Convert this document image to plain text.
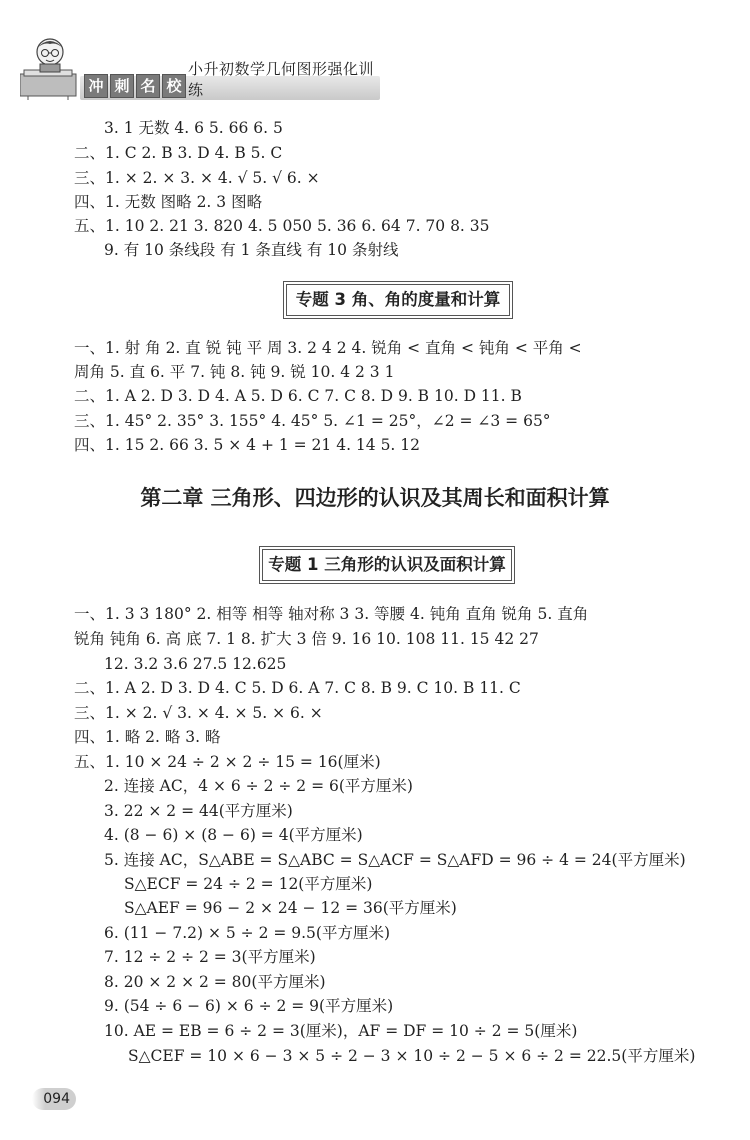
冲 刺 名 校
小升初数学几何图形强化训练
3. 1 无数 4. 6 5. 66 6. 5
二、1. C 2. B 3. D 4. B 5. C
三、1. × 2. × 3. × 4. √ 5. √ 6. ×
四、1. 无数 图略 2. 3 图略
五、1. 10 2. 21 3. 820 4. 5 050 5. 36 6. 64 7. 70 8. 35
9. 有 10 条线段 有 1 条直线 有 10 条射线
专题 3 角、角的度量和计算
一、1. 射 角 2. 直 锐 钝 平 周 3. 2 4 2 4. 锐角 < 直角 < 钝角 < 平角 <
周角 5. 直 6. 平 7. 钝 8. 钝 9. 锐 10. 4 2 3 1
二、1. A 2. D 3. D 4. A 5. D 6. C 7. C 8. D 9. B 10. D 11. B
三、1. 45° 2. 35° 3. 155° 4. 45° 5. ∠1 = 25°，∠2 = ∠3 = 65°
四、1. 15 2. 66 3. 5 × 4 + 1 = 21 4. 14 5. 12
第二章 三角形、四边形的认识及其周长和面积计算
专题 1 三角形的认识及面积计算
一、1. 3 3 180° 2. 相等 相等 轴对称 3 3. 等腰 4. 钝角 直角 锐角 5. 直角
锐角 钝角 6. 高 底 7. 1 8. 扩大 3 倍 9. 16 10. 108 11. 15 42 27
12. 3.2 3.6 27.5 12.625
二、1. A 2. D 3. D 4. C 5. D 6. A 7. C 8. B 9. C 10. B 11. C
三、1. × 2. √ 3. × 4. × 5. × 6. ×
四、1. 略 2. 略 3. 略
五、1. 10 × 24 ÷ 2 × 2 ÷ 15 = 16(厘米)
2. 连接 AC，4 × 6 ÷ 2 ÷ 2 = 6(平方厘米)
3. 22 × 2 = 44(平方厘米)
4. (8 − 6) × (8 − 6) = 4(平方厘米)
5. 连接 AC，S△ABE = S△ABC = S△ACF = S△AFD = 96 ÷ 4 = 24(平方厘米)
S△ECF = 24 ÷ 2 = 12(平方厘米)
S△AEF = 96 − 2 × 24 − 12 = 36(平方厘米)
6. (11 − 7.2) × 5 ÷ 2 = 9.5(平方厘米)
7. 12 ÷ 2 ÷ 2 = 3(平方厘米)
8. 20 × 2 × 2 = 80(平方厘米)
9. (54 ÷ 6 − 6) × 6 ÷ 2 = 9(平方厘米)
10. AE = EB = 6 ÷ 2 = 3(厘米)，AF = DF = 10 ÷ 2 = 5(厘米)
S△CEF = 10 × 6 − 3 × 5 ÷ 2 − 3 × 10 ÷ 2 − 5 × 6 ÷ 2 = 22.5(平方厘米)
094
